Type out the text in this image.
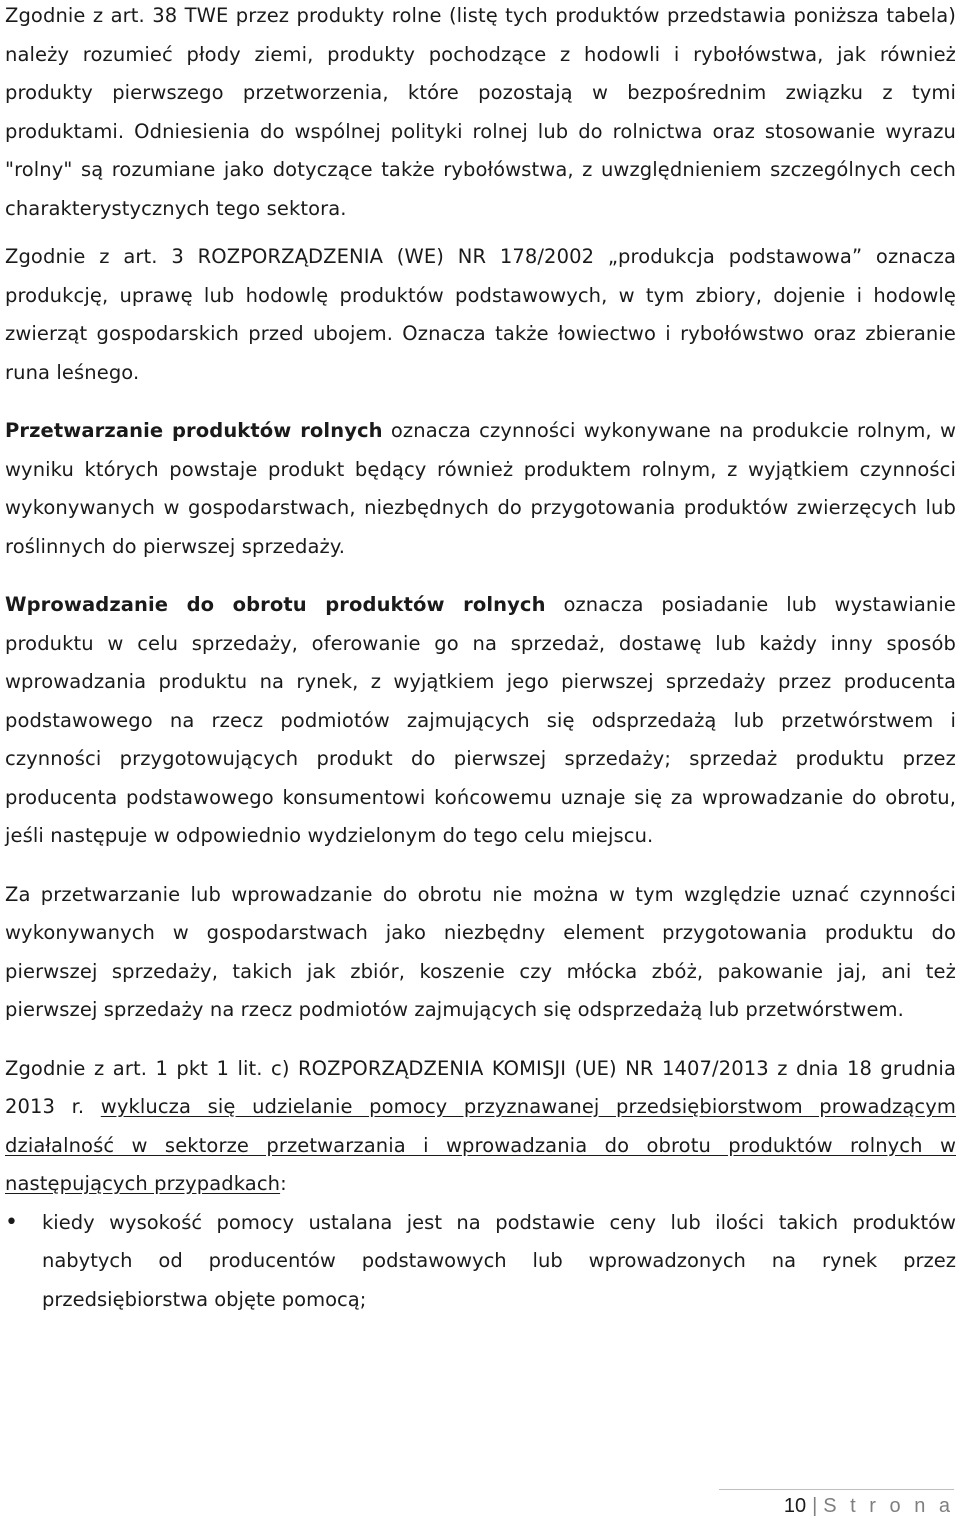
Zgodnie z art. 38 TWE przez produkty rolne (listę tych produktów przedstawia poniższa tabela) należy rozumieć płody ziemi, produkty pochodzące z hodowli i rybołówstwa, jak również produkty pierwszego przetworzenia, które pozostają w bezpośrednim związku z tymi produktami. Odniesienia do wspólnej polityki rolnej lub do rolnictwa oraz stosowanie wyrazu "rolny" są rozumiane jako dotyczące także rybołówstwa, z uwzględnieniem szczególnych cech charakterystycznych tego sektora.

Zgodnie z art. 3 ROZPORZĄDZENIA (WE) NR 178/2002 „produkcja podstawowa” oznacza produkcję, uprawę lub hodowlę produktów podstawowych, w tym zbiory, dojenie i hodowlę zwierząt gospodarskich przed ubojem. Oznacza także łowiectwo i rybołówstwo oraz zbieranie runa leśnego.

Przetwarzanie produktów rolnych oznacza czynności wykonywane na produkcie rolnym, w wyniku których powstaje produkt będący również produktem rolnym, z wyjątkiem czynności wykonywanych w gospodarstwach, niezbędnych do przygotowania produktów zwierzęcych lub roślinnych do pierwszej sprzedaży.

Wprowadzanie do obrotu produktów rolnych oznacza posiadanie lub wystawianie produktu w celu sprzedaży, oferowanie go na sprzedaż, dostawę lub każdy inny sposób wprowadzania produktu na rynek, z wyjątkiem jego pierwszej sprzedaży przez producenta podstawowego na rzecz podmiotów zajmujących się odsprzedażą lub przetwórstwem i czynności przygotowujących produkt do pierwszej sprzedaży; sprzedaż produktu przez producenta podstawowego konsumentowi końcowemu uznaje się za wprowadzanie do obrotu, jeśli następuje w odpowiednio wydzielonym do tego celu miejscu.

Za przetwarzanie lub wprowadzanie do obrotu nie można w tym względzie uznać czynności wykonywanych w gospodarstwach jako niezbędny element przygotowania produktu do pierwszej sprzedaży, takich jak zbiór, koszenie czy młócka zbóż, pakowanie jaj, ani też pierwszej sprzedaży na rzecz podmiotów zajmujących się odsprzedażą lub przetwórstwem.

Zgodnie z art. 1 pkt 1 lit. c) ROZPORZĄDZENIA KOMISJI (UE) NR 1407/2013 z dnia 18 grudnia 2013 r. wyklucza się udzielanie pomocy przyznawanej przedsiębiorstwom prowadzącym działalność w sektorze przetwarzania i wprowadzania do obrotu produktów rolnych w następujących przypadkach:

• kiedy wysokość pomocy ustalana jest na podstawie ceny lub ilości takich produktów nabytych od producentów podstawowych lub wprowadzonych na rynek przez przedsiębiorstwa objęte pomocą;
10 | S t r o n a
